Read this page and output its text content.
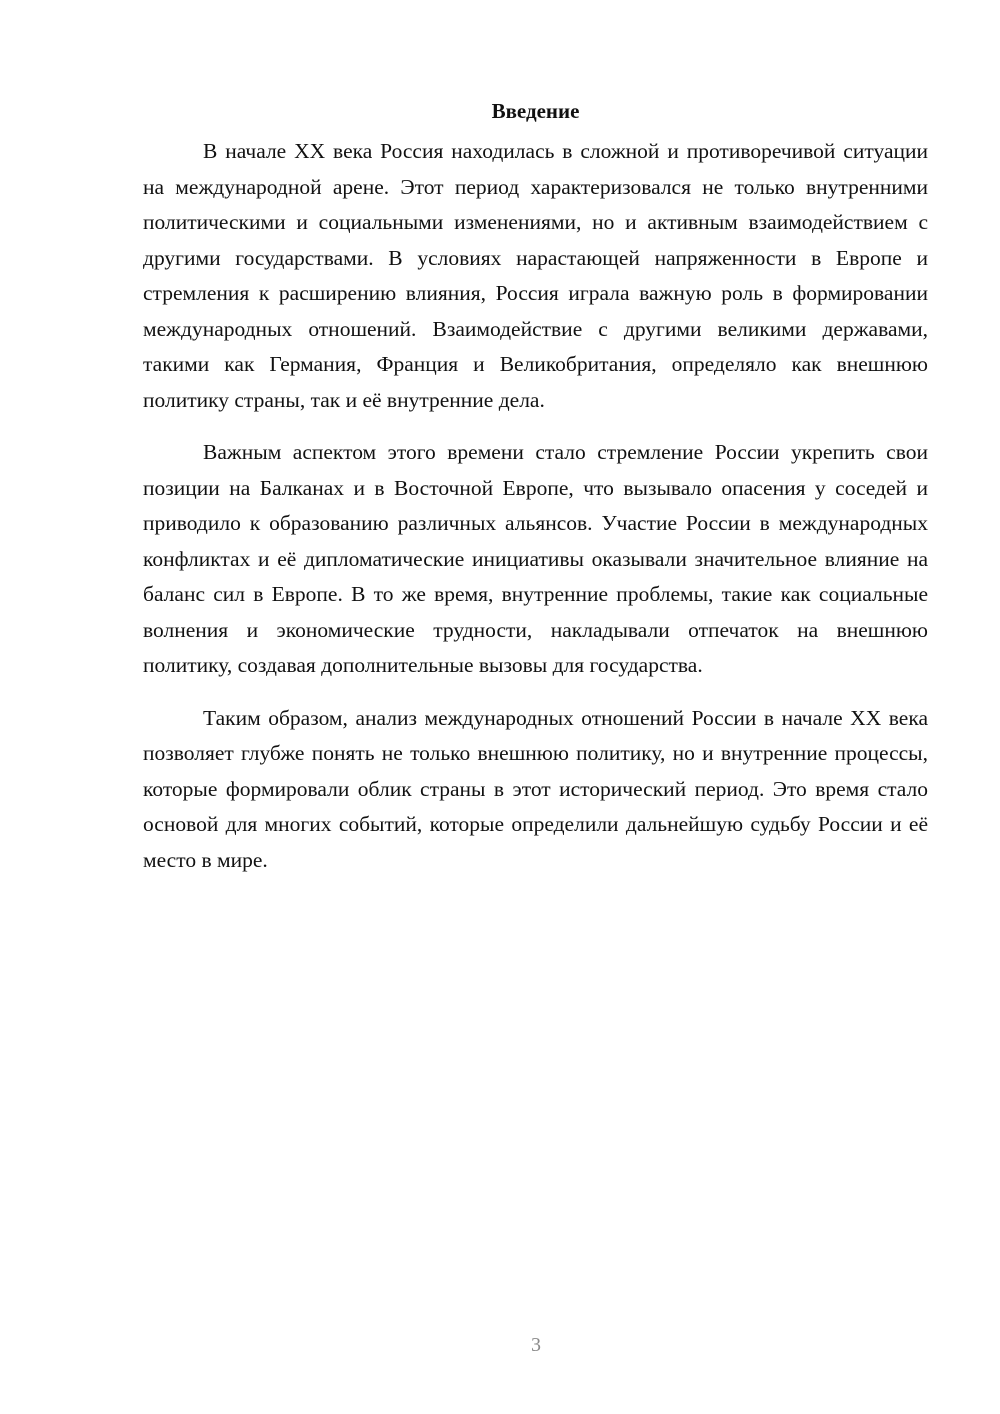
Введение

В начале XX века Россия находилась в сложной и противоречивой ситуации на международной арене. Этот период характеризовался не только внутренними политическими и социальными изменениями, но и активным взаимодействием с другими государствами. В условиях нарастающей напряженности в Европе и стремления к расширению влияния, Россия играла важную роль в формировании международных отношений. Взаимодействие с другими великими державами, такими как Германия, Франция и Великобритания, определяло как внешнюю политику страны, так и её внутренние дела.

Важным аспектом этого времени стало стремление России укрепить свои позиции на Балканах и в Восточной Европе, что вызывало опасения у соседей и приводило к образованию различных альянсов. Участие России в международных конфликтах и её дипломатические инициативы оказывали значительное влияние на баланс сил в Европе. В то же время, внутренние проблемы, такие как социальные волнения и экономические трудности, накладывали отпечаток на внешнюю политику, создавая дополнительные вызовы для государства.

Таким образом, анализ международных отношений России в начале XX века позволяет глубже понять не только внешнюю политику, но и внутренние процессы, которые формировали облик страны в этот исторический период. Это время стало основой для многих событий, которые определили дальнейшую судьбу России и её место в мире.

3
